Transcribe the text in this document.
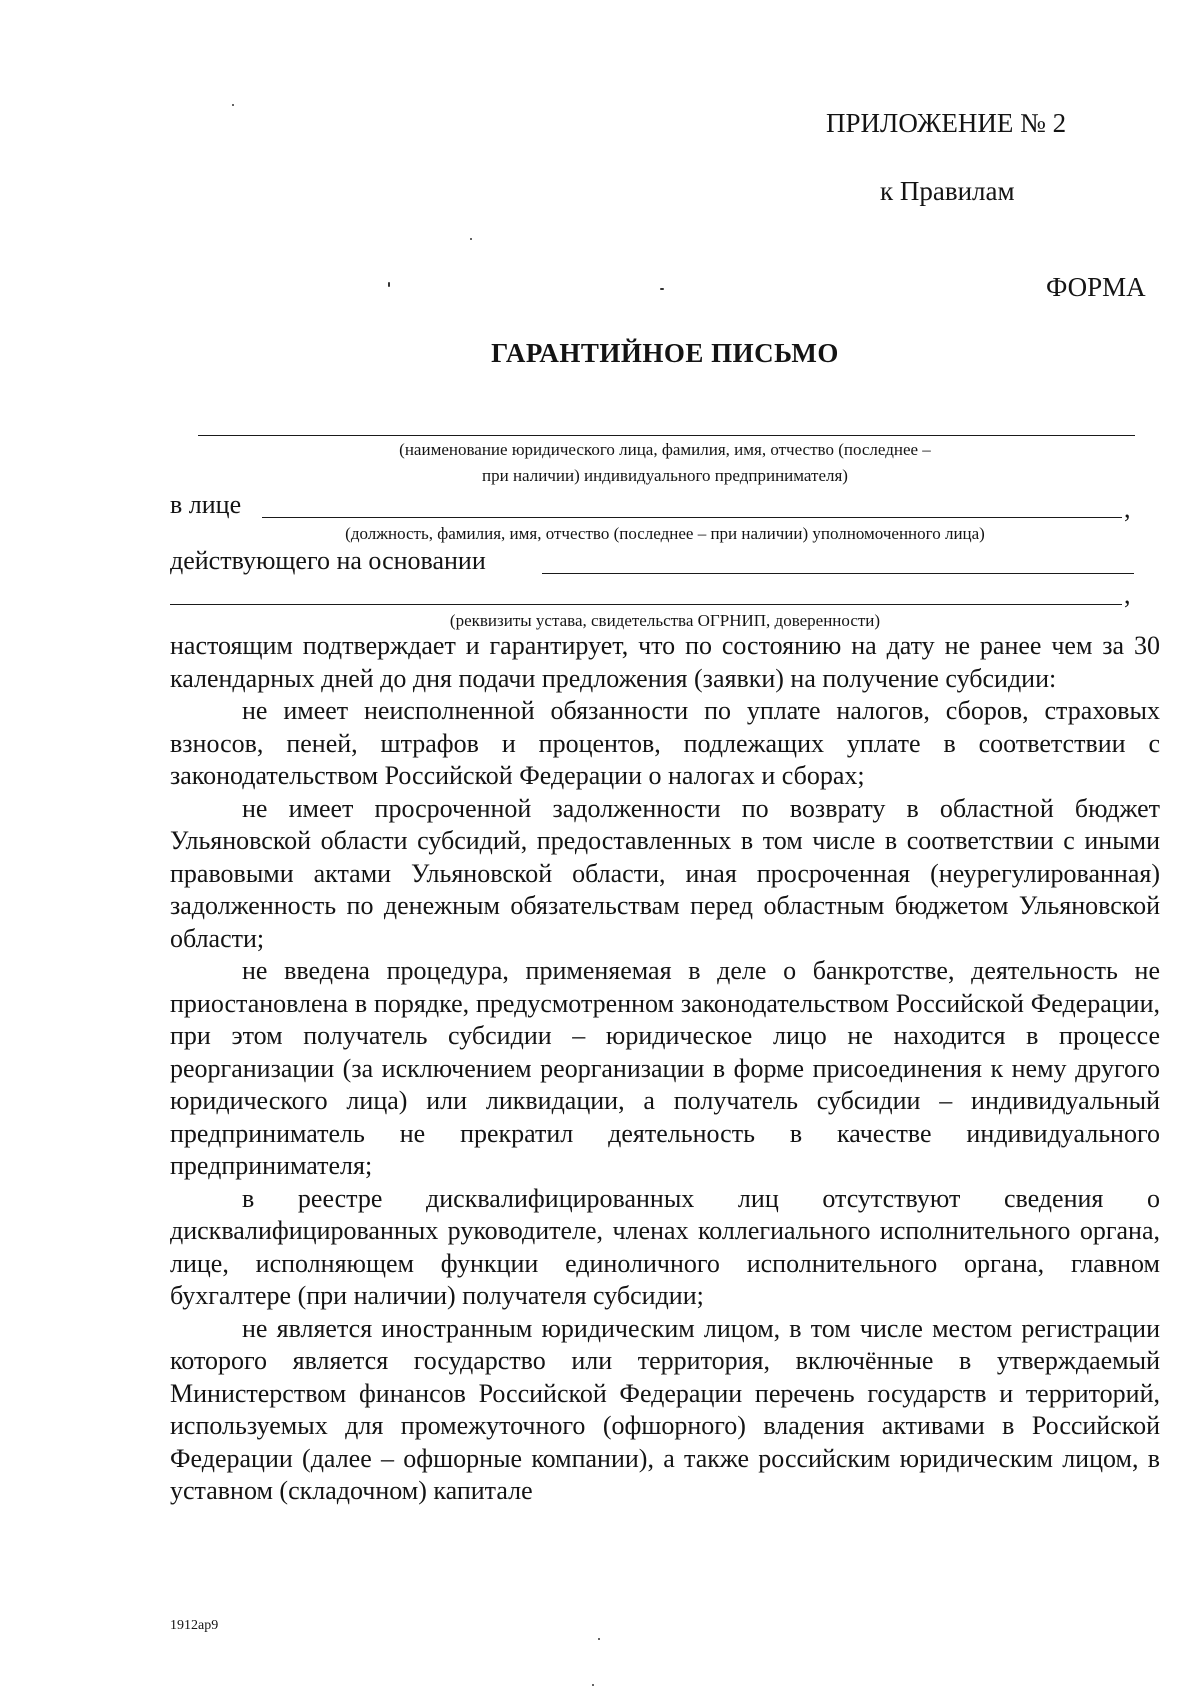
ПРИЛОЖЕНИЕ № 2
к Правилам
ФОРМА
ГАРАНТИЙНОЕ ПИСЬМО
(наименование юридического лица, фамилия, имя, отчество (последнее –
при наличии) индивидуального предпринимателя)
в лице	,
(должность, фамилия, имя, отчество (последнее – при наличии) уполномоченного лица)
действующего на основании
,
(реквизиты устава, свидетельства ОГРНИП, доверенности)

настоящим подтверждает и гарантирует, что по состоянию на дату не ранее чем за 30 календарных дней до дня подачи предложения (заявки) на получение субсидии:

не имеет неисполненной обязанности по уплате налогов, сборов, страховых взносов, пеней, штрафов и процентов, подлежащих уплате в соответствии с законодательством Российской Федерации о налогах и сборах;

не имеет просроченной задолженности по возврату в областной бюджет Ульяновской области субсидий, предоставленных в том числе в соответствии с иными правовыми актами Ульяновской области, иная просроченная (неурегулированная) задолженность по денежным обязательствам перед областным бюджетом Ульяновской области;

не введена процедура, применяемая в деле о банкротстве, деятельность не приостановлена в порядке, предусмотренном законодательством Российской Федерации, при этом получатель субсидии – юридическое лицо не находится в процессе реорганизации (за исключением реорганизации в форме присоединения к нему другого юридического лица) или ликвидации, а получатель субсидии – индивидуальный предприниматель не прекратил деятельность в качестве индивидуального предпринимателя;

в реестре дисквалифицированных лиц отсутствуют сведения о дисквалифицированных руководителе, членах коллегиального исполнительного органа, лице, исполняющем функции единоличного исполнительного органа, главном бухгалтере (при наличии) получателя субсидии;

не является иностранным юридическим лицом, в том числе местом регистрации которого является государство или территория, включённые в утверждаемый Министерством финансов Российской Федерации перечень государств и территорий, используемых для промежуточного (офшорного) владения активами в Российской Федерации (далее – офшорные компании), а также российским юридическим лицом, в уставном (складочном) капитале

1912ар9
